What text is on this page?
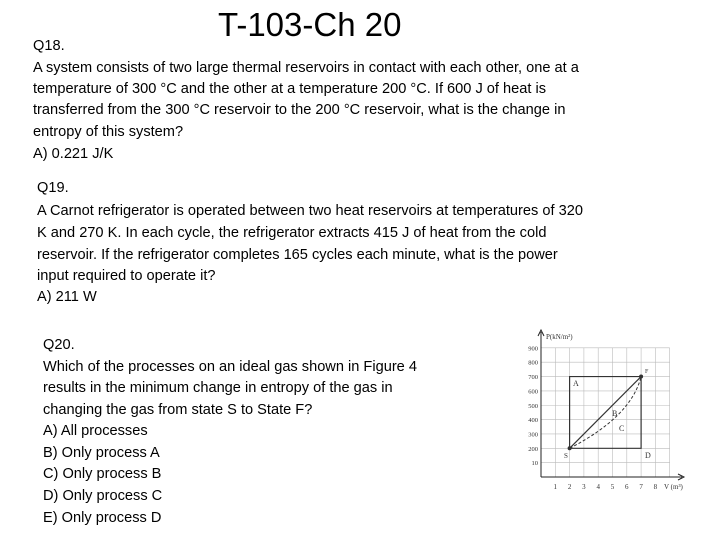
T-103-Ch 20
Q18.
A system consists of two large thermal reservoirs in contact with each other, one at a
temperature of 300 °C and the other at a temperature 200 °C. If 600 J of heat is
transferred from the 300 °C reservoir to the 200 °C reservoir, what is the change in
entropy of this system?
A) 0.221 J/K
Q19.
A Carnot refrigerator is operated between two heat reservoirs at temperatures of 320
K and 270 K. In each cycle, the refrigerator extracts 415 J of heat from the cold
reservoir. If the refrigerator completes 165 cycles each minute, what is the power
input required to operate it?
A) 211 W
Q20.
Which of the processes on an ideal gas shown in Figure 4
results in the minimum change in entropy of the gas in
changing the gas from state S to State F?
A) All processes
B) Only process A
C) Only process B
D) Only process C
E) Only process D
P(kN/m²)
V (m³)
10
200
300
400
500
600
700
800
900
1 2 3 4 5 6 7 8
A
B
C
D
S
F
